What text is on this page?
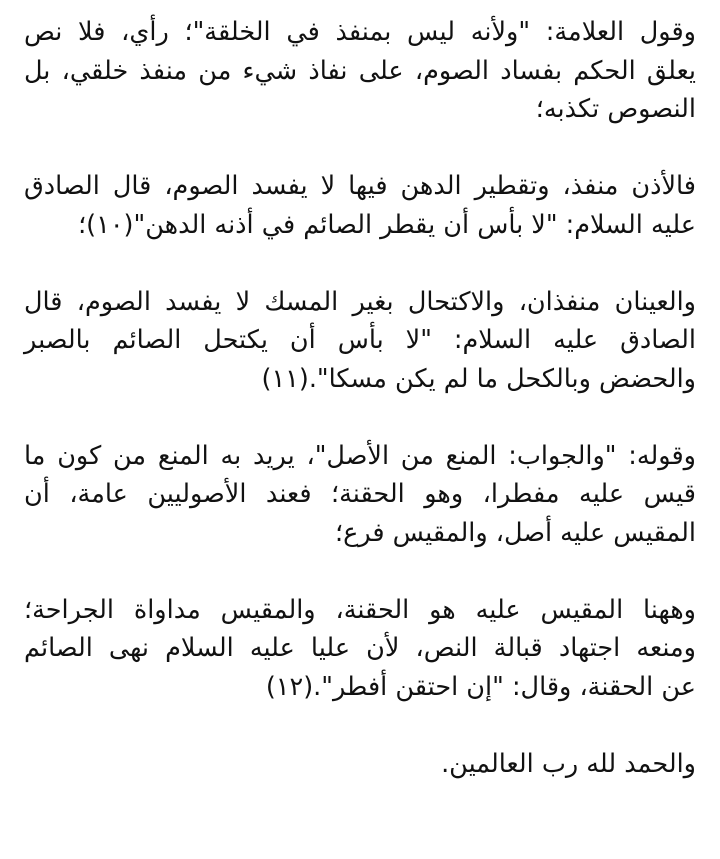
وقول العلامة: "ولأنه ليس بمنفذ في الخلقة"؛ رأي، فلا نص
يعلق الحكم بفساد الصوم، على نفاذ شيء من منفذ خلقي، بل
النصوص تكذبه؛

فالأذن منفذ، وتقطير الدهن فيها لا يفسد الصوم، قال الصادق
عليه السلام: "لا بأس أن يقطر الصائم في أذنه الدهن"(١٠)؛

والعينان منفذان، والاكتحال بغير المسك لا يفسد الصوم، قال
الصادق عليه السلام: "لا بأس أن يكتحل الصائم بالصبر
والحضض وبالكحل ما لم يكن مسكا".(١١)

وقوله: "والجواب: المنع من الأصل"، يريد به المنع من كون ما
قيس عليه مفطرا، وهو الحقنة؛ فعند الأصوليين عامة، أن
المقيس عليه أصل، والمقيس فرع؛

وههنا المقيس عليه هو الحقنة، والمقيس مداواة الجراحة؛
ومنعه اجتهاد قبالة النص، لأن عليا عليه السلام نهى الصائم
عن الحقنة، وقال: "إن احتقن أفطر".(١٢)

والحمد لله رب العالمين.
